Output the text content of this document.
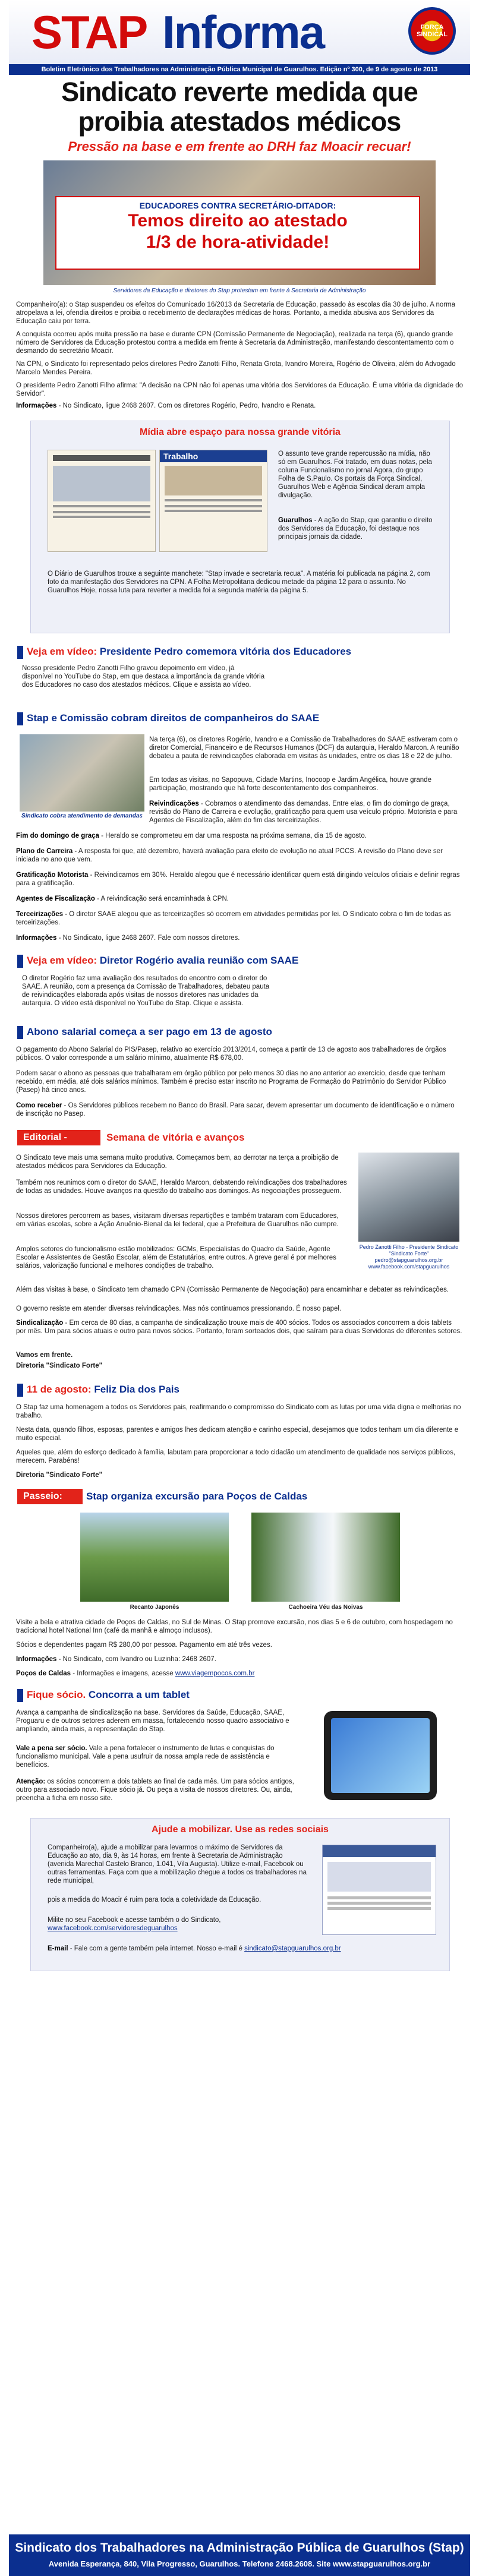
STAP Informa	FORÇA SINDICAL
Boletim Eletrônico dos Trabalhadores na Administração Pública Municipal de Guarulhos. Edição nº 300, de 9 de agosto de 2013
Sindicato reverte medida que
proibia atestados médicos
Pressão na base e em frente ao DRH faz Moacir recuar!
EDUCADORES CONTRA SECRETÁRIO-DITADOR:
Temos direito ao atestado
1/3 de hora-atividade!
Servidores da Educação e diretores do Stap protestam em frente à Secretaria de Administração
Companheiro(a): o Stap suspendeu os efeitos do Comunicado 16/2013 da Secretaria de Educação, passado às escolas dia 30 de julho. A norma atropelava a lei, ofendia direitos e proibia o recebimento de declarações médicas de horas. Portanto, a medida abusiva aos Servidores da Educação caiu por terra.
A conquista ocorreu após muita pressão na base e durante CPN (Comissão Permanente de Negociação), realizada na terça (6), quando grande número de Servidores da Educação protestou contra a medida em frente à Secretaria da Administração, manifestando descontentamento com o desmando do secretário Moacir.
Na CPN, o Sindicato foi representado pelos diretores Pedro Zanotti Filho, Renata Grota, Ivandro Moreira, Rogério de Oliveira, além do Advogado Marcelo Mendes Pereira.
O presidente Pedro Zanotti Filho afirma: "A decisão na CPN não foi apenas uma vitória dos Servidores da Educação. É uma vitória da dignidade do Servidor".
Informações - No Sindicato, ligue 2468 2607. Com os diretores Rogério, Pedro, Ivandro e Renata.
Mídia abre espaço para nossa grande vitória
Trabalho	O assunto teve grande repercussão na mídia, não só em Guarulhos. Foi tratado, em duas notas, pela coluna Funcionalismo no jornal Agora, do grupo Folha de S.Paulo. Os portais da Força Sindical, Guarulhos Web e Agência Sindical deram ampla divulgação.
Guarulhos - A ação do Stap, que garantiu o direito dos Servidores da Educação, foi destaque nos principais jornais da cidade.
O Diário de Guarulhos trouxe a seguinte manchete: "Stap invade e secretaria recua". A matéria foi publicada na página 2, com foto da manifestação dos Servidores na CPN. A Folha Metropolitana dedicou metade da página 12 para o assunto. No Guarulhos Hoje, nossa luta para reverter a medida foi a segunda matéria da página 5.
Veja em vídeo: Presidente Pedro comemora vitória dos Educadores
Nosso presidente Pedro Zanotti Filho gravou depoimento em vídeo, já disponível no YouTube do Stap, em que destaca a importância da grande vitória dos Educadores no caso dos atestados médicos. Clique e assista ao vídeo.
Stap e Comissão cobram direitos de companheiros do SAAE
Sindicato cobra atendimento de demandas
Na terça (6), os diretores Rogério, Ivandro e a Comissão de Trabalhadores do SAAE estiveram com o diretor Comercial, Financeiro e de Recursos Humanos (DCF) da autarquia, Heraldo Marcon. A reunião debateu a pauta de reivindicações elaborada em visitas às unidades, entre os dias 18 e 22 de julho.
Em todas as visitas, no Sapopuva, Cidade Martins, Inocoop e Jardim Angélica, houve grande participação, mostrando que há forte descontentamento dos companheiros.
Reivindicações - Cobramos o atendimento das demandas. Entre elas, o fim do domingo de graça, revisão do Plano de Carreira e evolução, gratificação para quem usa veículo próprio. Motorista e para Agentes de Fiscalização, além do fim das terceirizações.
Fim do domingo de graça - Heraldo se comprometeu em dar uma resposta na próxima semana, dia 15 de agosto.
Plano de Carreira - A resposta foi que, até dezembro, haverá avaliação para efeito de evolução no atual PCCS. A revisão do Plano deve ser iniciada no ano que vem.
Gratificação Motorista - Reivindicamos em 30%. Heraldo alegou que é necessário identificar quem está dirigindo veículos oficiais e definir regras para a gratificação.
Agentes de Fiscalização - A reivindicação será encaminhada à CPN.
Terceirizações - O diretor SAAE alegou que as terceirizações só ocorrem em atividades permitidas por lei. O Sindicato cobra o fim de todas as terceirizações.
Informações - No Sindicato, ligue 2468 2607. Fale com nossos diretores.
Veja em vídeo: Diretor Rogério avalia reunião com SAAE
O diretor Rogério faz uma avaliação dos resultados do encontro com o diretor do SAAE. A reunião, com a presença da Comissão de Trabalhadores, debateu pauta de reivindicações elaborada após visitas de nossos diretores nas unidades da autarquia. O vídeo está disponível no YouTube do Stap. Clique e assista.
Abono salarial começa a ser pago em 13 de agosto
O pagamento do Abono Salarial do PIS/Pasep, relativo ao exercício 2013/2014, começa a partir de 13 de agosto aos trabalhadores de órgãos públicos. O valor corresponde a um salário mínimo, atualmente R$ 678,00.
Podem sacar o abono as pessoas que trabalharam em órgão público por pelo menos 30 dias no ano anterior ao exercício, desde que tenham recebido, em média, até dois salários mínimos. Também é preciso estar inscrito no Programa de Formação do Patrimônio do Servidor Público (Pasep) há cinco anos.
Como receber - Os Servidores públicos recebem no Banco do Brasil. Para sacar, devem apresentar um documento de identificação e o número de inscrição no Pasep.
Editorial -	Semana de vitória e avanços
Pedro Zanotti Filho - Presidente Sindicato "Sindicato Forte" pedro@stapguarulhos.org.br www.facebook.com/stapguarulhos
O Sindicato teve mais uma semana muito produtiva. Começamos bem, ao derrotar na terça a proibição de atestados médicos para Servidores da Educação.
Também nos reunimos com o diretor do SAAE, Heraldo Marcon, debatendo reivindicações dos trabalhadores de todas as unidades. Houve avanços na questão do trabalho aos domingos. As negociações prosseguem.
Nossos diretores percorrem as bases, visitaram diversas repartições e também trataram com Educadores, em várias escolas, sobre a Ação Anuênio-Bienal da lei federal, que a Prefeitura de Guarulhos não cumpre.
Amplos setores do funcionalismo estão mobilizados: GCMs, Especialistas do Quadro da Saúde, Agente Escolar e Assistentes de Gestão Escolar, além de Estatutários, entre outros. A greve geral é por melhores salários, valorização funcional e melhores condições de trabalho.
Além das visitas à base, o Sindicato tem chamado CPN (Comissão Permanente de Negociação) para encaminhar e debater as reivindicações.
O governo resiste em atender diversas reivindicações. Mas nós continuamos pressionando. É nosso papel.
Sindicalização - Em cerca de 80 dias, a campanha de sindicalização trouxe mais de 400 sócios. Todos os associados concorrem a dois tablets por mês. Um para sócios atuais e outro para novos sócios. Portanto, foram sorteados dois, que saíram para duas Servidoras de diferentes setores.
Vamos em frente.
Diretoria "Sindicato Forte"
11 de agosto: Feliz Dia dos Pais
O Stap faz uma homenagem a todos os Servidores pais, reafirmando o compromisso do Sindicato com as lutas por uma vida digna e melhorias no trabalho.
Nesta data, quando filhos, esposas, parentes e amigos lhes dedicam atenção e carinho especial, desejamos que todos tenham um dia diferente e muito especial.
Aqueles que, além do esforço dedicado à família, labutam para proporcionar a todo cidadão um atendimento de qualidade nos serviços públicos, merecem. Parabéns!
Diretoria "Sindicato Forte"
Passeio:	Stap organiza excursão para Poços de Caldas
Recanto Japonês	Cachoeira Véu das Noivas
Visite a bela e atrativa cidade de Poços de Caldas, no Sul de Minas. O Stap promove excursão, nos dias 5 e 6 de outubro, com hospedagem no tradicional hotel National Inn (café da manhã e almoço inclusos).
Sócios e dependentes pagam R$ 280,00 por pessoa. Pagamento em até três vezes.
Informações - No Sindicato, com Ivandro ou Luzinha: 2468 2607.
Poços de Caldas - Informações e imagens, acesse www.viagempocos.com.br
Fique sócio. Concorra a um tablet
Avança a campanha de sindicalização na base. Servidores da Saúde, Educação, SAAE, Proguaru e de outros setores aderem em massa, fortalecendo nosso quadro associativo e ampliando, ainda mais, a representação do Stap.
Vale a pena ser sócio. Vale a pena fortalecer o instrumento de lutas e conquistas do funcionalismo municipal. Vale a pena usufruir da nossa ampla rede de assistência e benefícios.
Atenção: os sócios concorrem a dois tablets ao final de cada mês. Um para sócios antigos, outro para associado novo. Fique sócio já. Ou peça a visita de nossos diretores. Ou, ainda, preencha a ficha em nosso site.
Ajude a mobilizar. Use as redes sociais
Companheiro(a), ajude a mobilizar para levarmos o máximo de Servidores da Educação ao ato, dia 9, às 14 horas, em frente à Secretaria de Administração (avenida Marechal Castelo Branco, 1.041, Vila Augusta). Utilize e-mail, Facebook ou outras ferramentas. Faça com que a mobilização chegue a todos os trabalhadores na rede municipal,
pois a medida do Moacir é ruim para toda a coletividade da Educação.
Milite no seu Facebook e acesse também o do Sindicato, www.facebook.com/servidoresdeguarulhos
E-mail - Fale com a gente também pela internet. Nosso e-mail é sindicato@stapguarulhos.org.br
Sindicato dos Trabalhadores na Administração Pública de Guarulhos (Stap)
Avenida Esperança, 840, Vila Progresso, Guarulhos. Telefone 2468.2608. Site www.stapguarulhos.org.br
